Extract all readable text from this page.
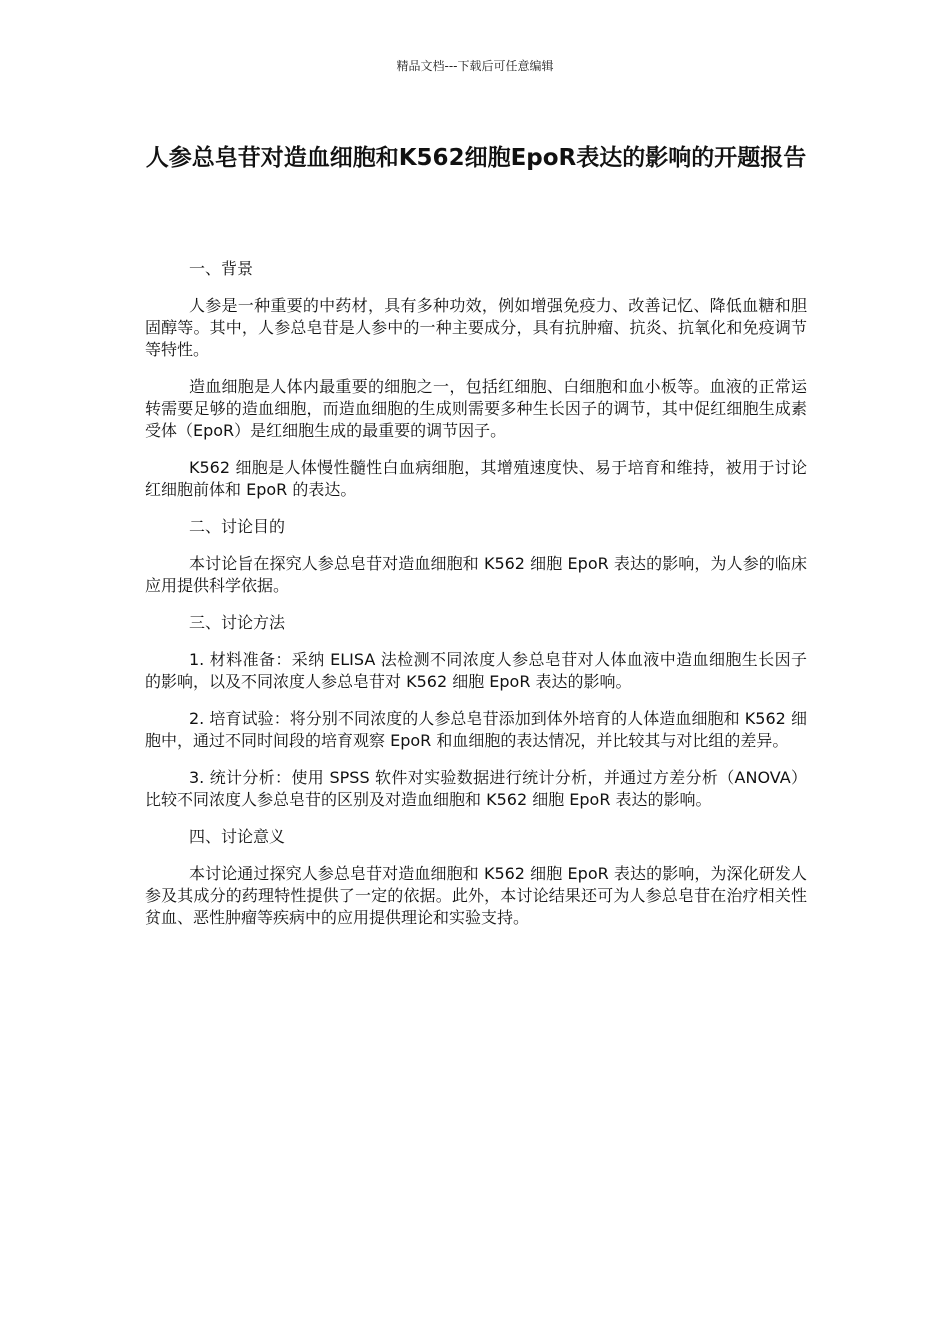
精品文档---下载后可任意编辑
人参总皂苷对造血细胞和K562细胞EpoR表达的影响的开题报告

一、背景

人参是一种重要的中药材，具有多种功效，例如增强免疫力、改善记忆、降低血糖和胆固醇等。其中，人参总皂苷是人参中的一种主要成分，具有抗肿瘤、抗炎、抗氧化和免疫调节等特性。

造血细胞是人体内最重要的细胞之一，包括红细胞、白细胞和血小板等。血液的正常运转需要足够的造血细胞，而造血细胞的生成则需要多种生长因子的调节，其中促红细胞生成素受体（EpoR）是红细胞生成的最重要的调节因子。

K562 细胞是人体慢性髓性白血病细胞，其增殖速度快、易于培育和维持，被用于讨论红细胞前体和 EpoR 的表达。

二、讨论目的

本讨论旨在探究人参总皂苷对造血细胞和 K562 细胞 EpoR 表达的影响，为人参的临床应用提供科学依据。

三、讨论方法

1. 材料准备：采纳 ELISA 法检测不同浓度人参总皂苷对人体血液中造血细胞生长因子的影响，以及不同浓度人参总皂苷对 K562 细胞 EpoR 表达的影响。

2. 培育试验：将分别不同浓度的人参总皂苷添加到体外培育的人体造血细胞和 K562 细胞中，通过不同时间段的培育观察 EpoR 和血细胞的表达情况，并比较其与对比组的差异。

3. 统计分析：使用 SPSS 软件对实验数据进行统计分析，并通过方差分析（ANOVA）比较不同浓度人参总皂苷的区别及对造血细胞和 K562 细胞 EpoR 表达的影响。

四、讨论意义

本讨论通过探究人参总皂苷对造血细胞和 K562 细胞 EpoR 表达的影响，为深化研发人参及其成分的药理特性提供了一定的依据。此外，本讨论结果还可为人参总皂苷在治疗相关性贫血、恶性肿瘤等疾病中的应用提供理论和实验支持。
